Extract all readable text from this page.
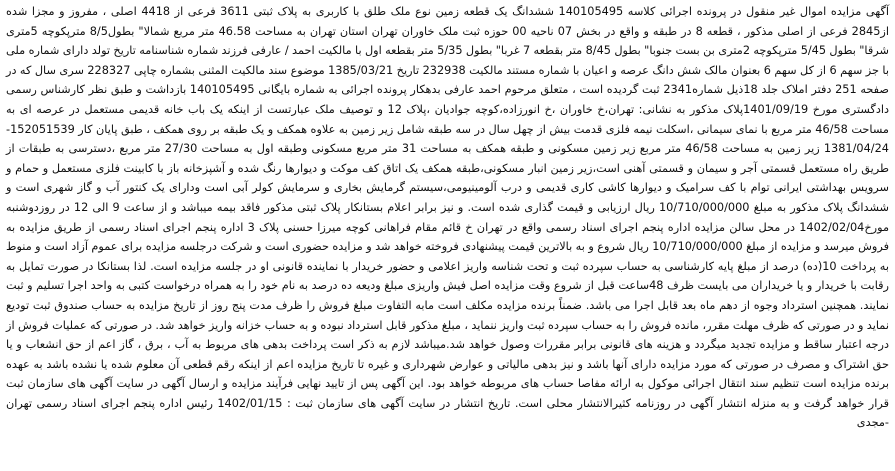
آگهی مزایده اموال غیر منقول در پرونده اجرائی کلاسه 140105495 ششدانگ یک قطعه زمین نوع ملک طلق با کاربری به پلاک ثبتی 3611 فرعی از 4418 اصلی ، مفروز و مجزا شده از2845 فرعی از اصلی مذکور ، قطعه 8 در طبقه و واقع در بخش 07 ناحیه 00 حوزه ثبت ملک خاوران تهران استان تهران به مساحت 46.58 متر مربع شمالا" بطول8/5 مترپکوچه 5متری شرقا" بطول 5/45 مترپکوچه 2متری بن بست جنوبا" بطول 8/45 متر بقطعه 7 غربا" بطول 5/35 متر بقطعه اول با مالکیت احمد / عارفی فرزند شماره شناسنامه تاریخ تولد دارای شماره ملی با جز سهم 6 از کل سهم 6 بعنوان مالک شش دانگ عرصه و اعیان با شماره مستند مالکیت 232938 تاریخ 1385/03/21 موضوع سند مالکیت المثنی بشماره چاپی 228327 سری سال که در صفحه 251 دفتر املاک جلد 18ذیل شماره2341 ثبت گردیده است ، متعلق مرحوم احمد عارفی بدهکار پرونده اجرائی به شماره بایگانی 140105495 بازداشت و طبق نظر کارشناس رسمی دادگستری مورخ 1401/09/19پلاک مذکور به نشانی: تهران،خ خاوران ،خ انورزاده،کوچه جوادیان ،پلاک 12 و توصیف ملک عبارتست از اینکه یک باب خانه قدیمی مستعمل در عرصه ای به مساحت 46/58 متر مربع با نمای سیمانی ،اسکلت نیمه فلزی قدمت بیش از چهل سال در سه طبقه شامل زیر زمین به علاوه همکف و یک طبقه بر روی همکف ، طبق پایان کار 152051539-1381/04/24 زیر زمین به مساحت 46/58 متر مربع زیر زمین مسکونی و طبقه همکف به مساحت 31 متر مربع مسکونی وطبقه اول به مساحت 27/30 متر مربع ،دسترسی به طبقات از طریق راه مستعمل قسمتی آجر و سیمان و قسمتی آهنی است،زیر زمین انبار مسکونی،طبقه همکف یک اتاق کف موکت و دیوارها رنگ شده و آشپزخانه باز با کابینت فلزی مستعمل و حمام و سرویس بهداشتی ایرانی توام با کف سرامیک و دیوارها کاشی کاری قدیمی و درب آلومینیومی،سیستم گرمایش بخاری و سرمایش کولر آبی است ودارای یک کنتور آب و گاز شهری است و ششدانگ پلاک مذکور به مبلغ 10/710/000/000 ریال ارزیابی و قیمت گذاری شده است. و نیز برابر اعلام بستانکار پلاک ثبتی مذکور فاقد بیمه میباشد و از ساعت 9 الی 12 در روزدوشنبه مورخ1402/02/04 در محل سالن مزایده اداره پنجم اجرای اسناد رسمی واقع در تهران خ قائم مقام فراهانی کوچه میرزا حسنی پلاک 3 اداره پنجم اجرای اسناد رسمی از طریق مزایده به فروش میرسد و مزایده از مبلغ 10/710/000/000 ریال شروع و به بالاترین قیمت پیشنهادی فروخته خواهد شد و مزایده حضوری است و شرکت درجلسه مزایده برای عموم آزاد است و منوط به پرداخت 10(ده) درصد از مبلغ پایه کارشناسی به حساب سپرده ثبت و تحت شناسه واریز اعلامی و حضور خریدار با نماینده قانونی او در جلسه مزایده است. لذا بستانکا در صورت تمایل به رقابت با خریدار و یا خریداران می بایست ظرف 48ساعت قبل از شروع وقت مزایده اصل فیش واریزی مبلغ ودیعه ده درصد به نام خود را به همراه درخواست کتبی به واحد اجرا تسلیم و ثبت نمایند. همچنین استرداد وجوه از دهم ماه بعد قابل اجرا می باشد. ضمناً برنده مزایده مکلف است مابه التفاوت مبلغ فروش را ظرف مدت پنج روز از تاریخ مزایده به حساب صندوق ثبت تودیع نماید و در صورتی که ظرف مهلت مقرر، مانده فروش را به حساب سپرده ثبت واریز ننماید ، مبلغ مذکور قابل استرداد نبوده و به حساب خزانه واریز خواهد شد. در صورتی که عملیات فروش از درجه اعتبار ساقط و مزایده تجدید میگردد و هزینه های قانونی برابر مقررات وصول خواهد شد.میباشد لازم به ذکر است پرداخت بدهی های مربوط به آب ، برق ، گاز اعم از حق انشعاب و یا حق اشتراک و مصرف در صورتی که مورد مزایده دارای آنها باشد و نیز بدهی مالیاتی و عوارض شهرداری و غیره تا تاریخ مزایده اعم از اینکه رقم قطعی آن معلوم شده یا نشده باشد به عهده برنده مزایده است تنظیم سند انتقال اجرائی موکول به ارائه مفاصا حساب های مربوطه خواهد بود. این آگهی پس از تایید نهایی فرآیند مزایده و ارسال آگهی در سایت آگهی های سازمان ثبت قرار خواهد گرفت و به منزله انتشار آگهی در روزنامه کثیرالانتشار محلی است. تاریخ انتشار در سایت آگهی های سازمان ثبت : 1402/01/15 رئیس اداره پنجم اجرای اسناد رسمی تهران -مجدی
